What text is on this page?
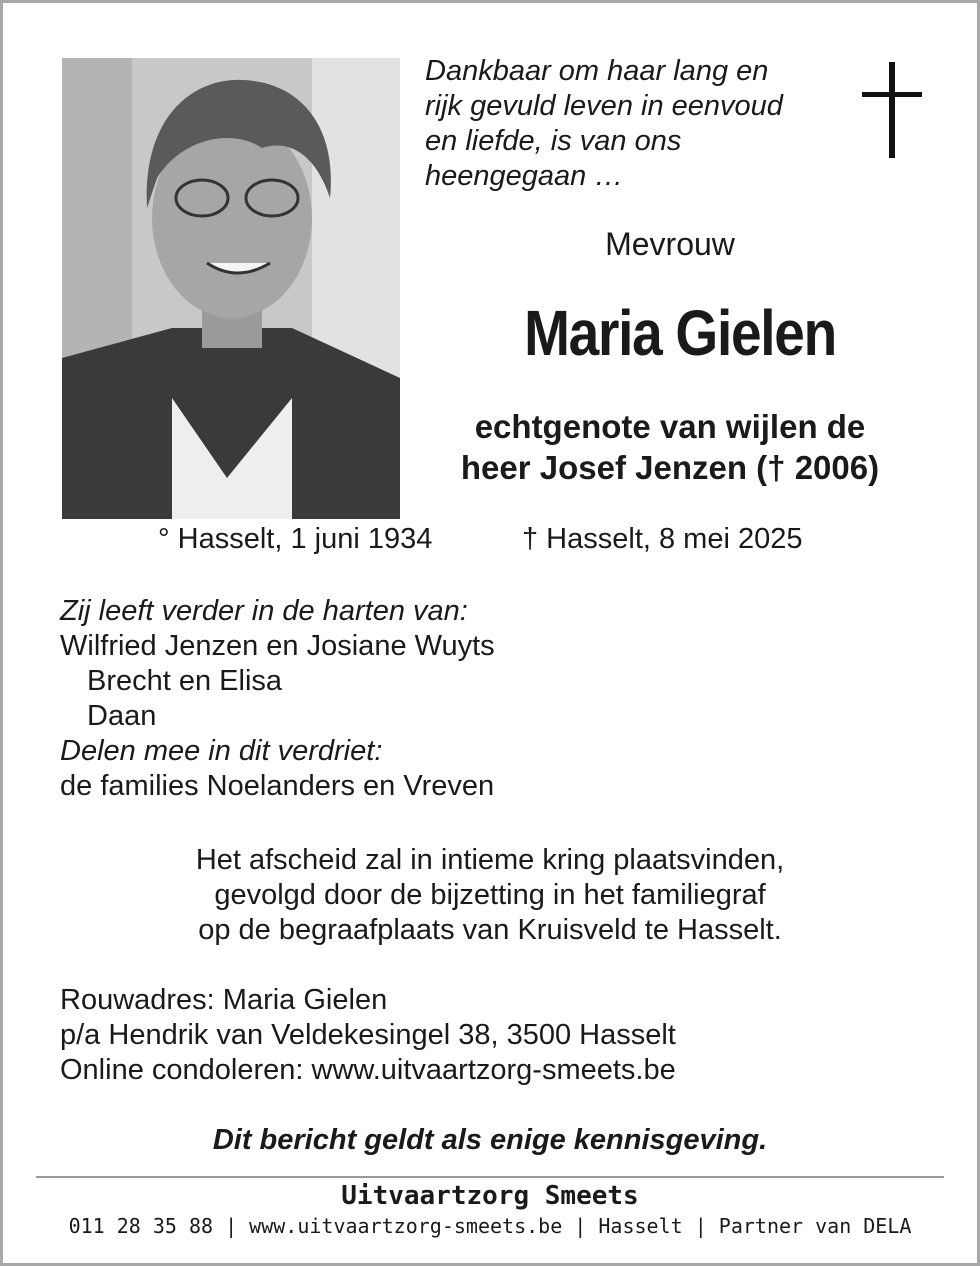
Dankbaar om haar lang en
rijk gevuld leven in eenvoud
en liefde, is van ons
heengegaan …
Mevrouw
Maria Gielen
echtgenote van wijlen de
heer Josef Jenzen († 2006)
° Hasselt, 1 juni 1934	† Hasselt, 8 mei 2025
Zij leeft verder in de harten van:
Wilfried Jenzen en Josiane Wuyts
Brecht en Elisa
Daan
Delen mee in dit verdriet:
de families Noelanders en Vreven
Het afscheid zal in intieme kring plaatsvinden,
gevolgd door de bijzetting in het familiegraf
op de begraafplaats van Kruisveld te Hasselt.
Rouwadres: Maria Gielen
p/a Hendrik van Veldekesingel 38, 3500 Hasselt
Online condoleren: www.uitvaartzorg-smeets.be
Dit bericht geldt als enige kennisgeving.
Uitvaartzorg Smeets
011 28 35 88 | www.uitvaartzorg-smeets.be | Hasselt | Partner van DELA
